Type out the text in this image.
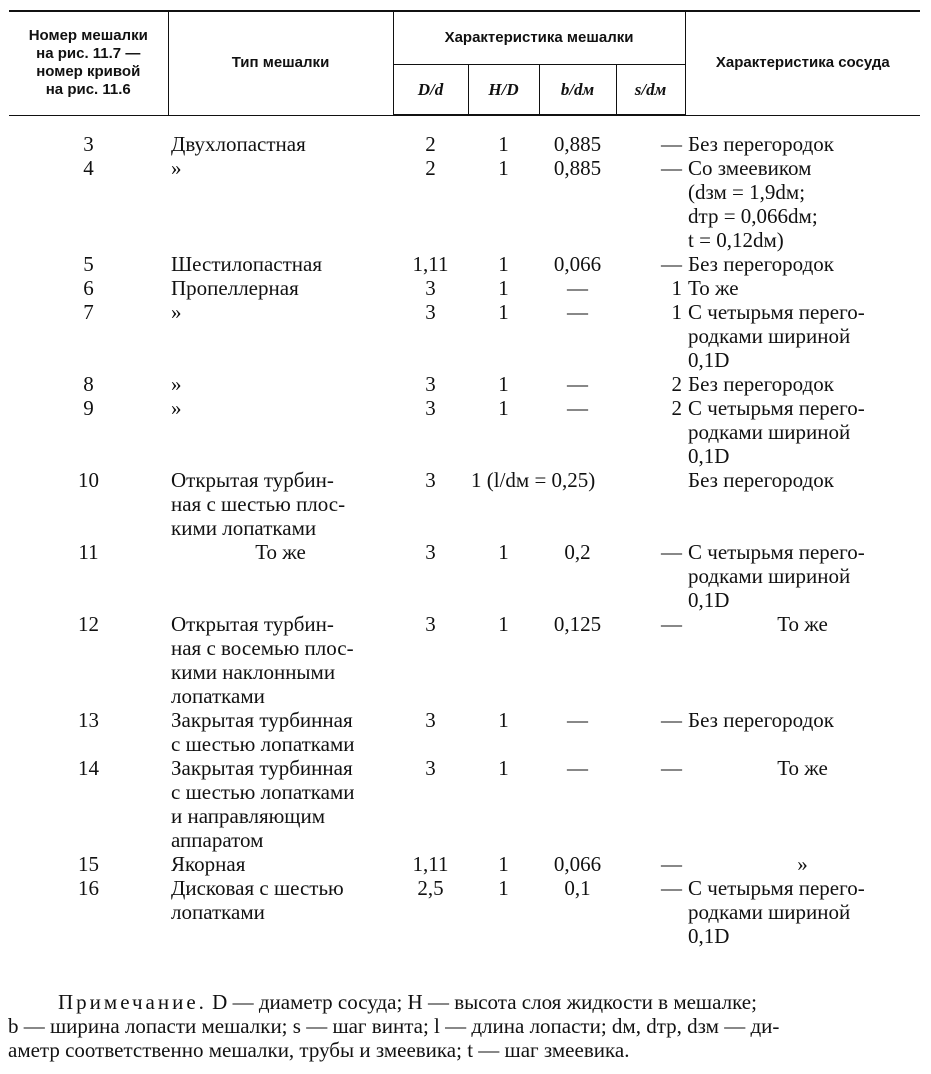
Номер мешалки
на рис. 11.7 —
номер кривой
на рис. 11.6	Тип мешалки	Характеристика мешалки				Характеристика сосуда
		D/d	H/D	b/dм	s/dм	
3	Двухлопастная	2	1	0,885	—	Без перегородок

4	»	2	1	0,885	—	Со змеевиком
(dзм = 1,9dм;
dтр = 0,066dм;
t = 0,12dм)

5	Шестилопастная	1,11	1	0,066	—	Без перегородок

6	Пропеллерная	3	1	—	1	То же

7	»	3	1	—	1	С четырьмя перего-
родками шириной
0,1D

8	»	3	1	—	2	Без перегородок

9	»	3	1	—	2	С четырьмя перего-
родками шириной
0,1D

10	Открытая турбин-
ная с шестью плос-
кими лопатками	3	1 (l/dм = 0,25)			Без перегородок

11	То же	3	1	0,2	—	С четырьмя перего-
родками шириной
0,1D

12	Открытая турбин-
ная с восемью плос-
кими наклонными
лопатками	3	1	0,125	—	То же

13	Закрытая турбинная
с шестью лопатками	3	1	—	—	Без перегородок

14	Закрытая турбинная
с шестью лопатками
и направляющим
аппаратом	3	1	—	—	То же

15	Якорная	1,11	1	0,066	—	»

16	Дисковая с шестью
лопатками	2,5	1	0,1	—	С четырьмя перего-
родками шириной
0,1D
Примечание. D — диаметр сосуда; H — высота слоя жидкости в мешалке;
b — ширина лопасти мешалки; s — шаг винта; l — длина лопасти; dм, dтр, dзм — ди-
аметр соответственно мешалки, трубы и змеевика; t — шаг змеевика.
